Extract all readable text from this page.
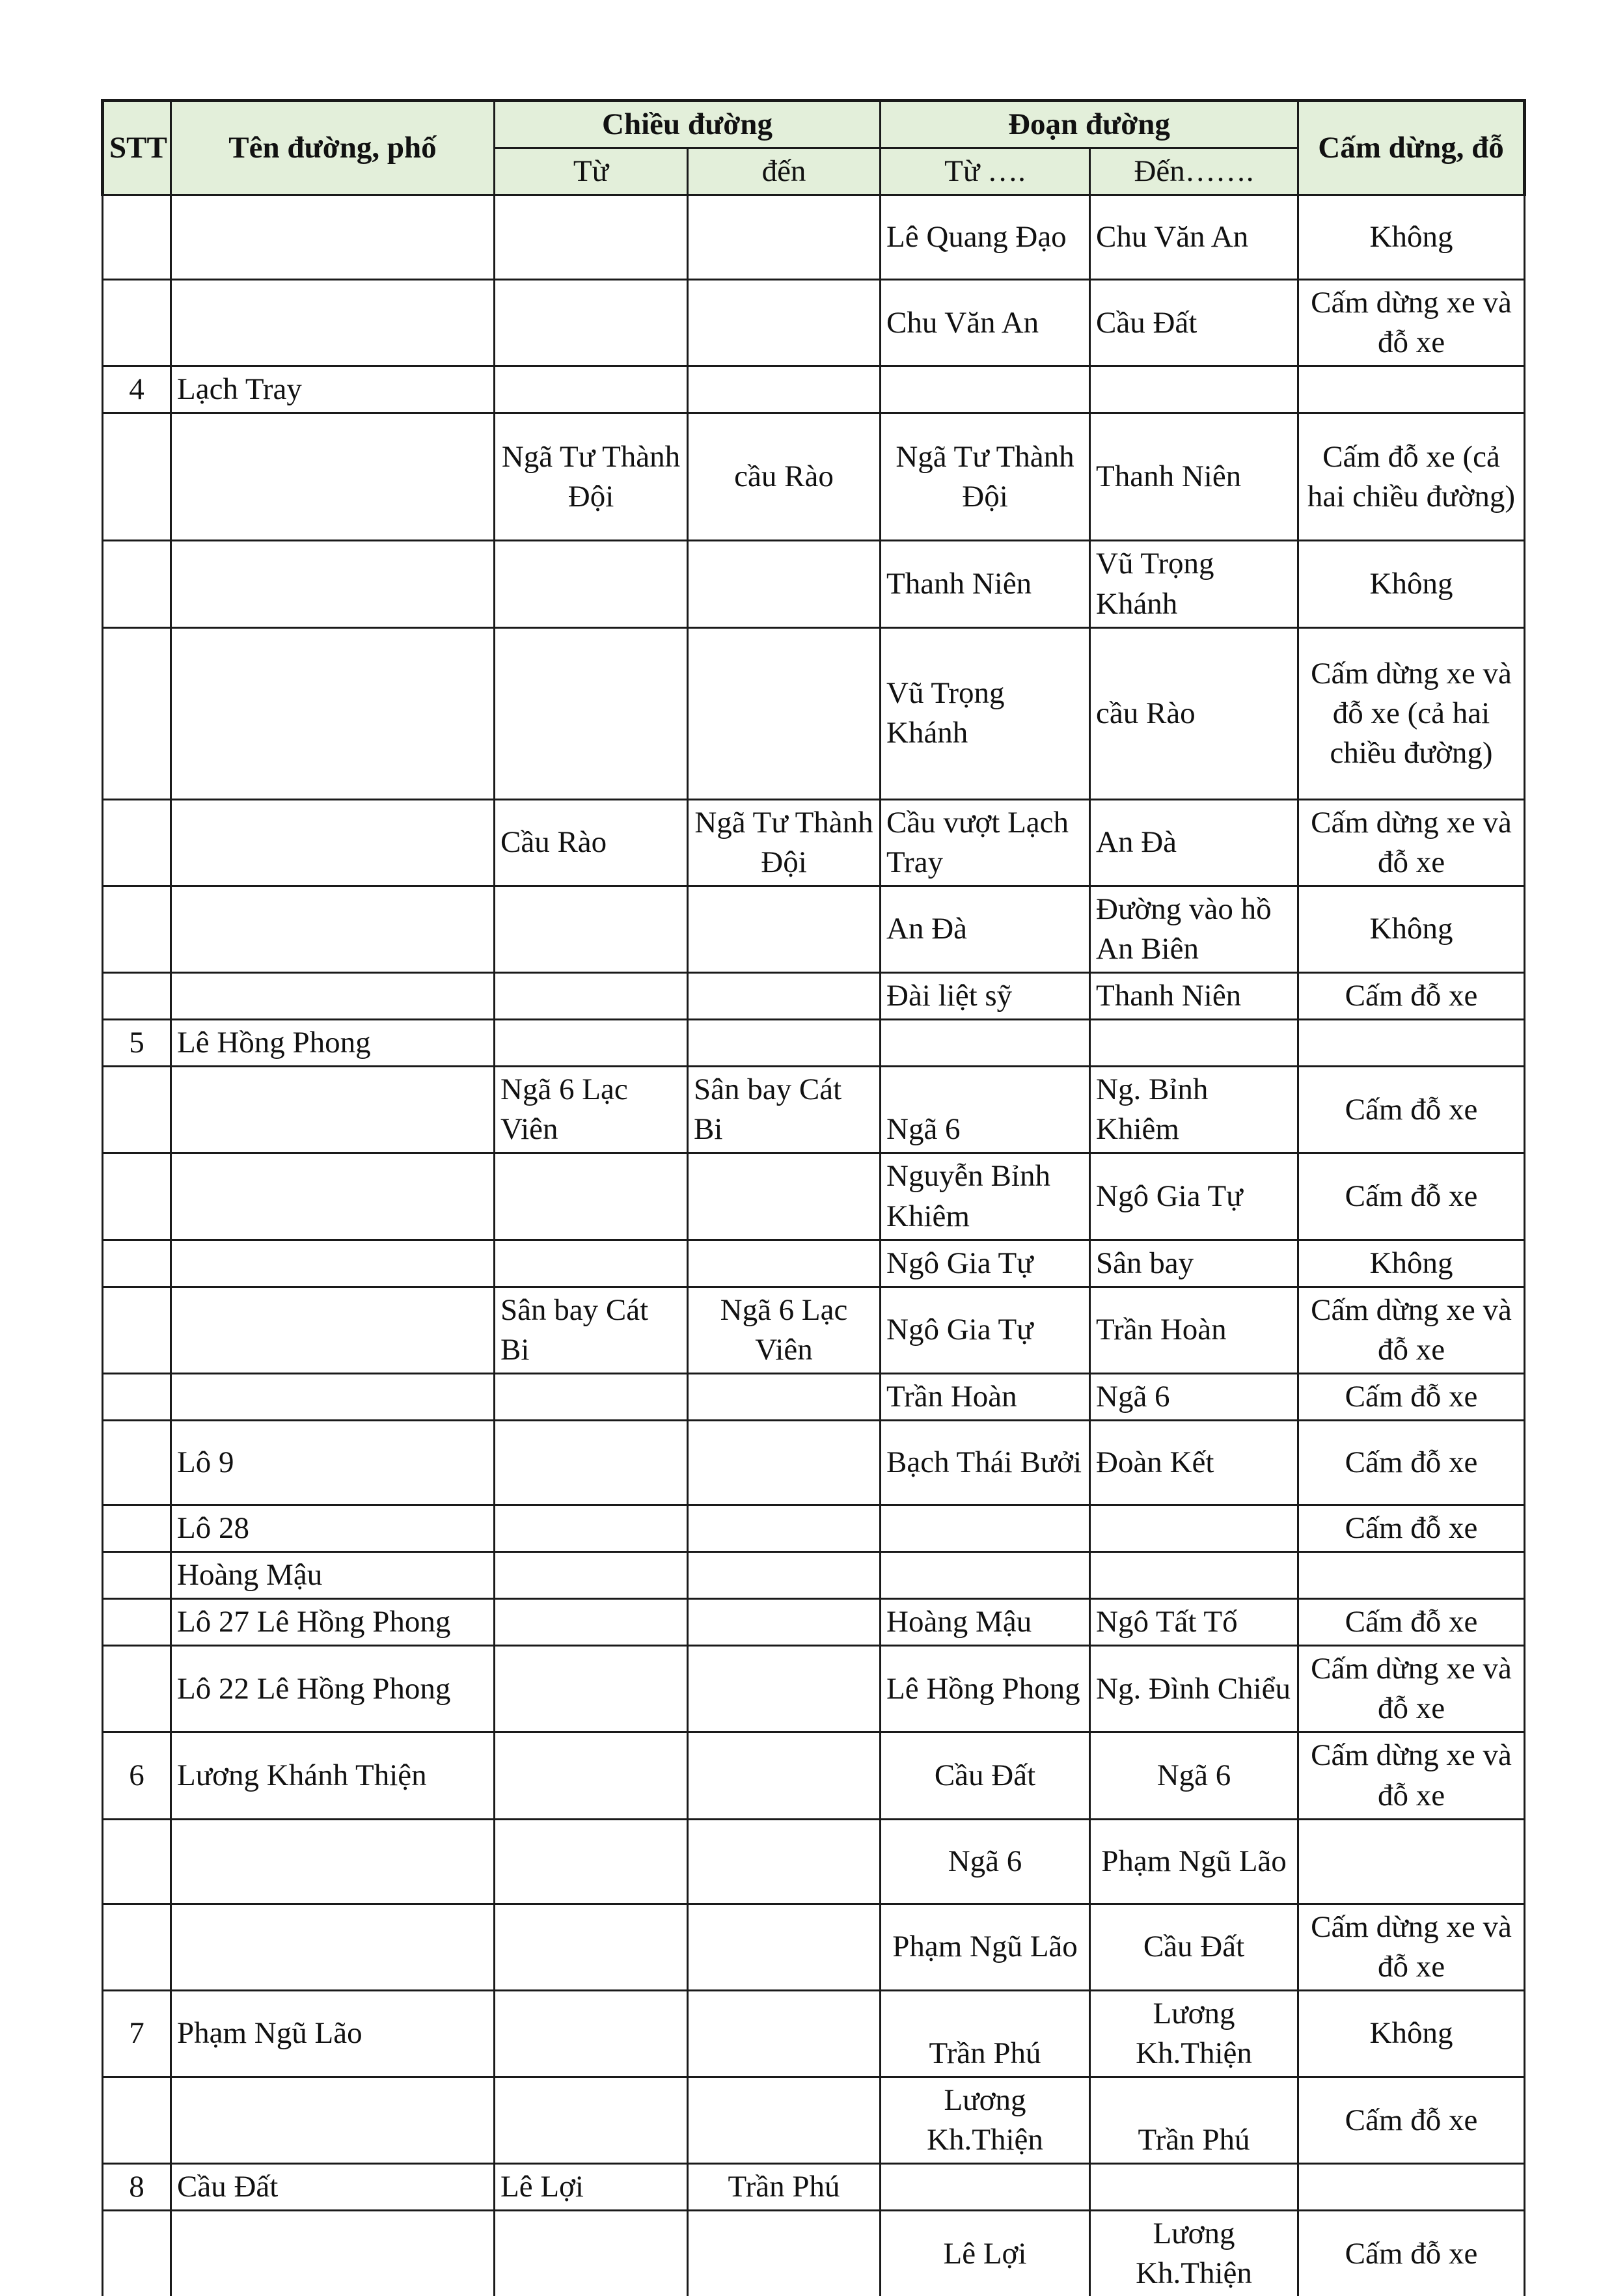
STT	Tên đường, phố	Chiều đường		Đoạn đường		Cấm dừng, đỗ
		Từ	đến	Từ ….	Đến…….	
				Lê Quang Đạo	Chu Văn An	Không
				Chu Văn An	Cầu Đất	Cấm dừng xe và đỗ xe
4	Lạch Tray					
		Ngã Tư Thành Đội	cầu Rào	Ngã Tư Thành Đội	Thanh Niên	Cấm đỗ xe (cả hai chiều đường)
				Thanh Niên	Vũ Trọng Khánh	Không
				Vũ Trọng Khánh	cầu Rào	Cấm dừng xe và đỗ xe (cả hai chiều đường)
		Cầu Rào	Ngã Tư Thành Đội	Cầu vượt Lạch Tray	An Đà	Cấm dừng xe và đỗ xe
				An Đà	Đường vào hồ An Biên	Không
				Đài liệt sỹ	Thanh Niên	Cấm đỗ xe
5	Lê Hồng Phong					
		Ngã 6 Lạc Viên	Sân bay Cát Bi	Ngã 6	Ng. Bỉnh Khiêm	Cấm đỗ xe
				Nguyễn Bỉnh Khiêm	Ngô Gia Tự	Cấm đỗ xe
				Ngô Gia Tự	Sân bay	Không
		Sân bay Cát Bi	Ngã 6 Lạc Viên	Ngô Gia Tự	Trần Hoàn	Cấm dừng xe và đỗ xe
				Trần Hoàn	Ngã 6	Cấm đỗ xe
	Lô 9			Bạch Thái Bưởi	Đoàn Kết	Cấm đỗ xe
	Lô 28					Cấm đỗ xe
	Hoàng Mậu					
	Lô 27 Lê Hồng Phong			Hoàng Mậu	Ngô Tất Tố	Cấm đỗ xe
	Lô 22 Lê Hồng Phong			Lê Hồng Phong	Ng. Đình Chiểu	Cấm dừng xe và đỗ xe
6	Lương Khánh Thiện			Cầu Đất	Ngã 6	Cấm dừng xe và đỗ xe
				Ngã 6	Phạm Ngũ Lão	
				Phạm Ngũ Lão	Cầu Đất	Cấm dừng xe và đỗ xe
7	Phạm Ngũ Lão			Trần Phú	Lương Kh.Thiện	Không
				Lương Kh.Thiện	Trần Phú	Cấm đỗ xe
8	Cầu Đất	Lê Lợi	Trần Phú			
				Lê Lợi	Lương Kh.Thiện	Cấm đỗ xe
